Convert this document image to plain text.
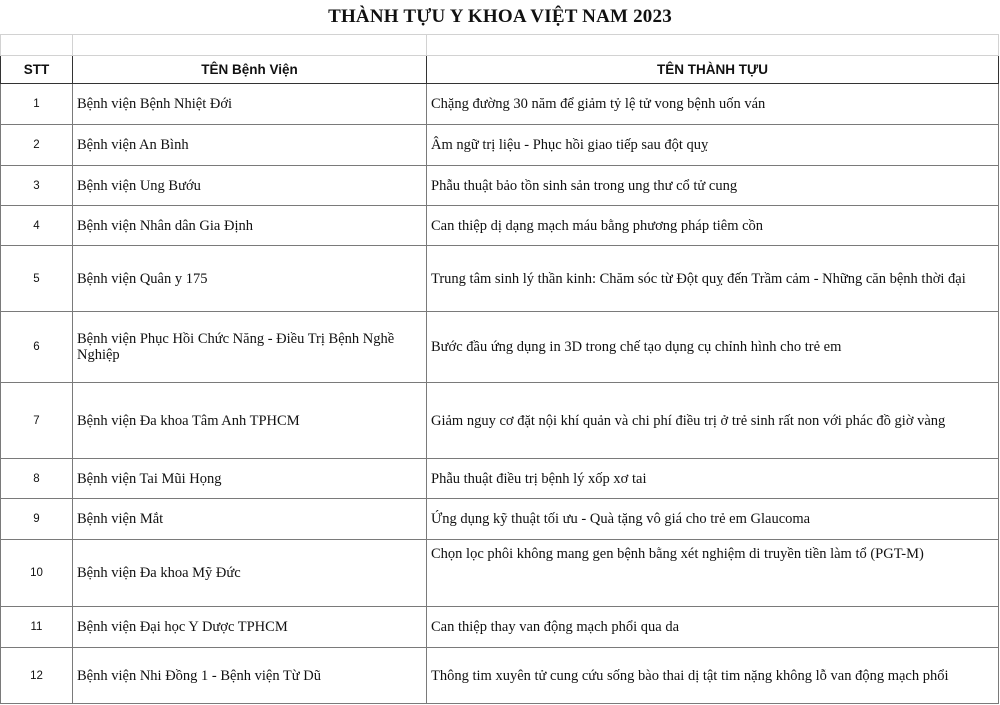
THÀNH TỰU Y KHOA VIỆT NAM 2023

STT	TÊN Bệnh Viện	TÊN THÀNH TỰU
1	Bệnh viện Bệnh Nhiệt Đới	Chặng đường 30 năm để giảm tỷ lệ tử vong bệnh uốn ván
2	Bệnh viện An Bình	Âm ngữ trị liệu - Phục hồi giao tiếp sau đột quỵ
3	Bệnh viện Ung Bướu	Phẫu thuật bảo tồn sinh sản trong ung thư cổ tử cung
4	Bệnh viện Nhân dân Gia Định	Can thiệp dị dạng mạch máu bằng phương pháp tiêm cồn
5	Bệnh viện Quân y 175	Trung tâm sinh lý thần kinh: Chăm sóc từ Đột quỵ đến Trầm cảm - Những căn bệnh thời đại
6	Bệnh viện Phục Hồi Chức Năng - Điều Trị Bệnh Nghề Nghiệp	Bước đầu ứng dụng in 3D trong chế tạo dụng cụ chỉnh hình cho trẻ em
7	Bệnh viện Đa khoa Tâm Anh TPHCM	Giảm nguy cơ đặt nội khí quản và chi phí điều trị ở trẻ sinh rất non với phác đồ giờ vàng
8	Bệnh viện Tai Mũi Họng	Phẫu thuật điều trị bệnh lý xốp xơ tai
9	Bệnh viện Mắt	Ứng dụng kỹ thuật tối ưu - Quà tặng vô giá cho trẻ em Glaucoma
10	Bệnh viện Đa khoa Mỹ Đức	Chọn lọc phôi không mang gen bệnh bằng xét nghiệm di truyền tiền làm tổ (PGT-M)
11	Bệnh viện Đại học Y Dược TPHCM	Can thiệp thay van động mạch phổi qua da
12	Bệnh viện Nhi Đồng 1 - Bệnh viện Từ Dũ	Thông tim xuyên tử cung cứu sống bào thai dị tật tim nặng không lỗ van động mạch phổi
